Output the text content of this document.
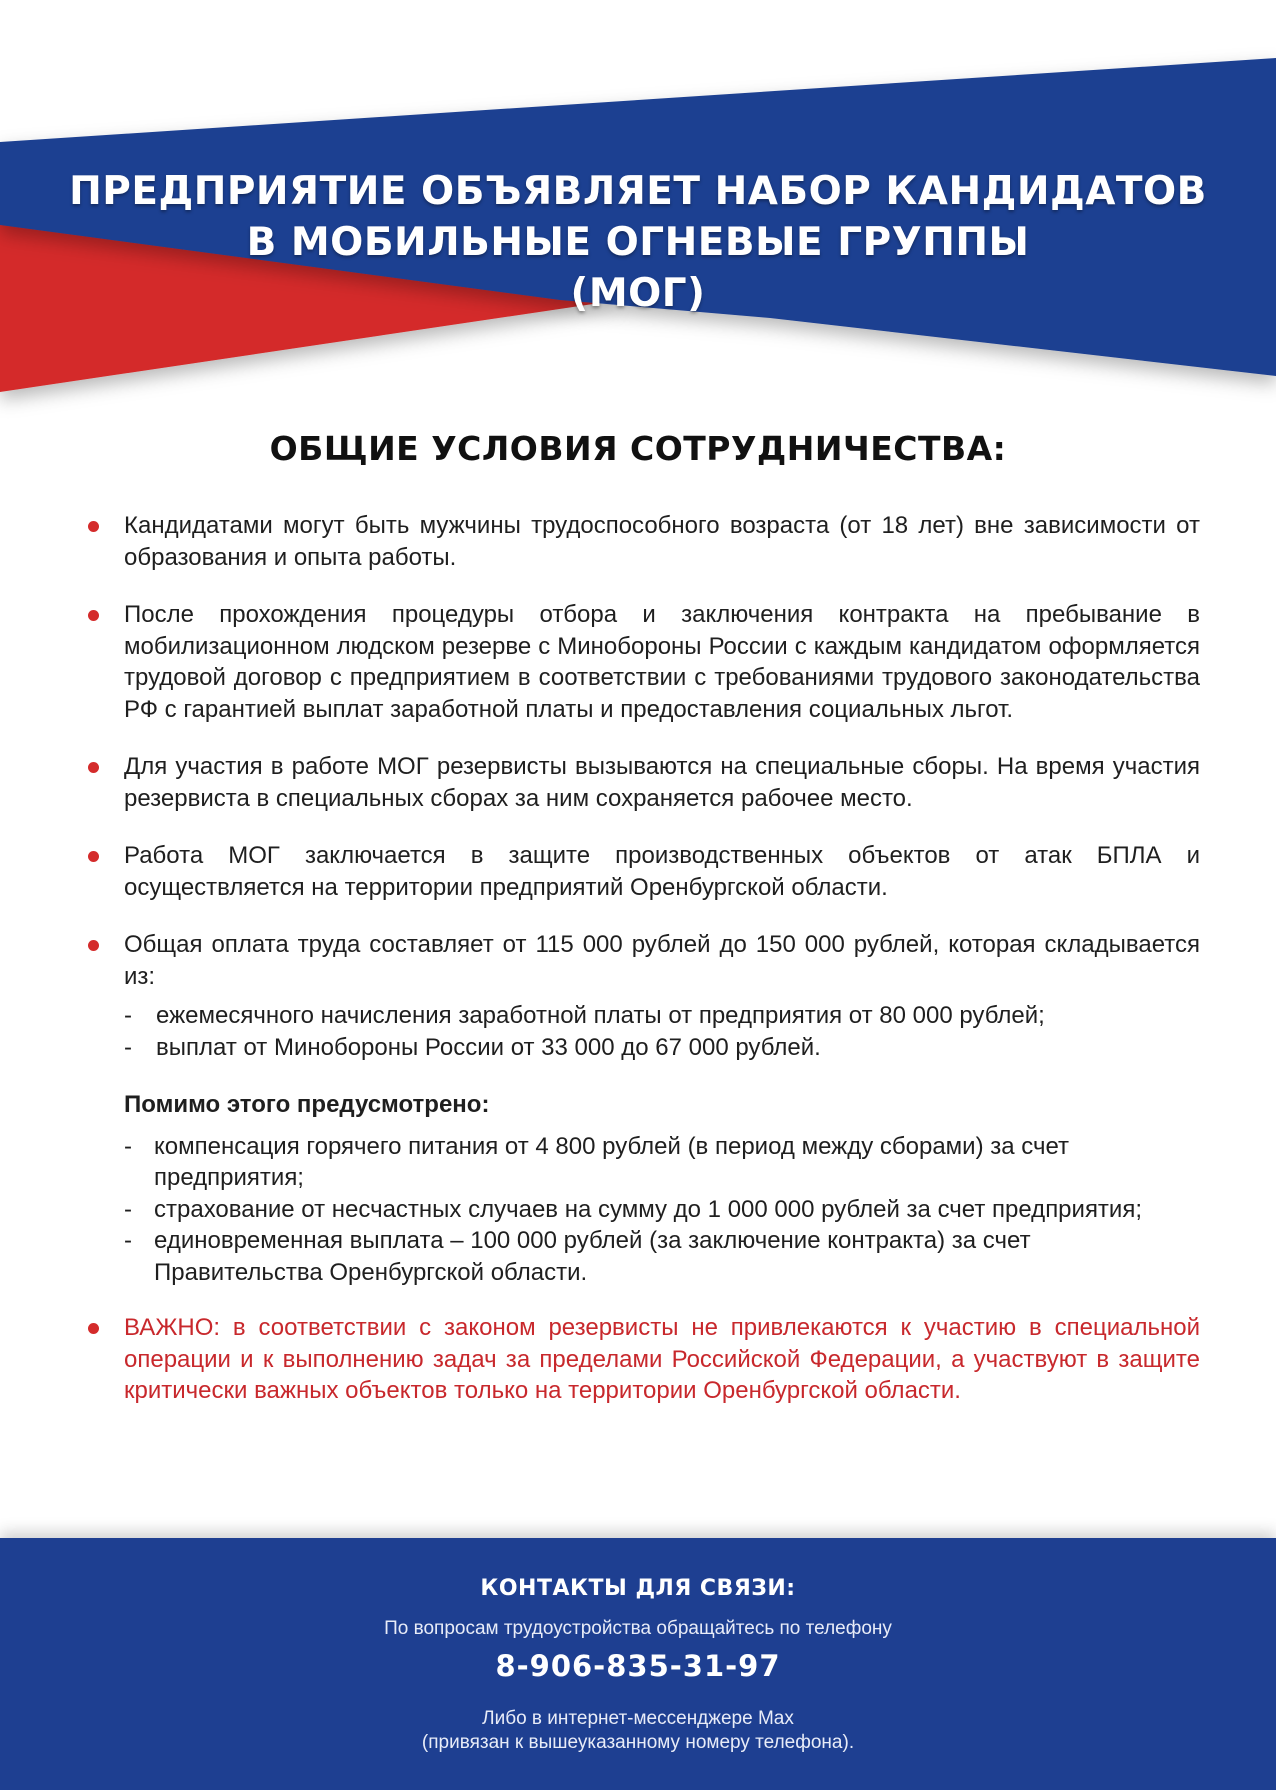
ПРЕДПРИЯТИЕ ОБЪЯВЛЯЕТ НАБОР КАНДИДАТОВ
В МОБИЛЬНЫЕ ОГНЕВЫЕ ГРУППЫ
(МОГ)
ОБЩИЕ УСЛОВИЯ СОТРУДНИЧЕСТВА:

Кандидатами могут быть мужчины трудоспособного возраста (от 18 лет) вне зависимости от образования и опыта работы.

После прохождения процедуры отбора и заключения контракта на пребывание в мобилизационном людском резерве с Минобороны России с каждым кандидатом оформляется трудовой договор с предприятием в соответствии с требованиями трудового законодательства РФ с гарантией выплат заработной платы и предоставления социальных льгот.

Для участия в работе МОГ резервисты вызываются на специальные сборы. На время участия резервиста в специальных сборах за ним сохраняется рабочее место.

Работа МОГ заключается в защите производственных объектов от атак БПЛА и осуществляется на территории предприятий Оренбургской области.

Общая оплата труда составляет от 115 000 рублей до 150 000 рублей, которая складывается из:

- ежемесячного начисления заработной платы от предприятия от 80 000 рублей;
- выплат от Минобороны России от 33 000 до 67 000 рублей.

Помимо этого предусмотрено:

- компенсация горячего питания от 4 800 рублей (в период между сборами) за счет предприятия;
- страхование от несчастных случаев на сумму до 1 000 000 рублей за счет предприятия;
- единовременная выплата – 100 000 рублей (за заключение контракта) за счет Правительства Оренбургской области.

ВАЖНО: в соответствии с законом резервисты не привлекаются к участию в специальной операции и к выполнению задач за пределами Российской Федерации, а участвуют в защите критически важных объектов только на территории Оренбургской области.

КОНТАКТЫ ДЛЯ СВЯЗИ:

По вопросам трудоустройства обращайтесь по телефону

8-906-835-31-97

Либо в интернет-мессенджере Max

(привязан к вышеуказанному номеру телефона).
